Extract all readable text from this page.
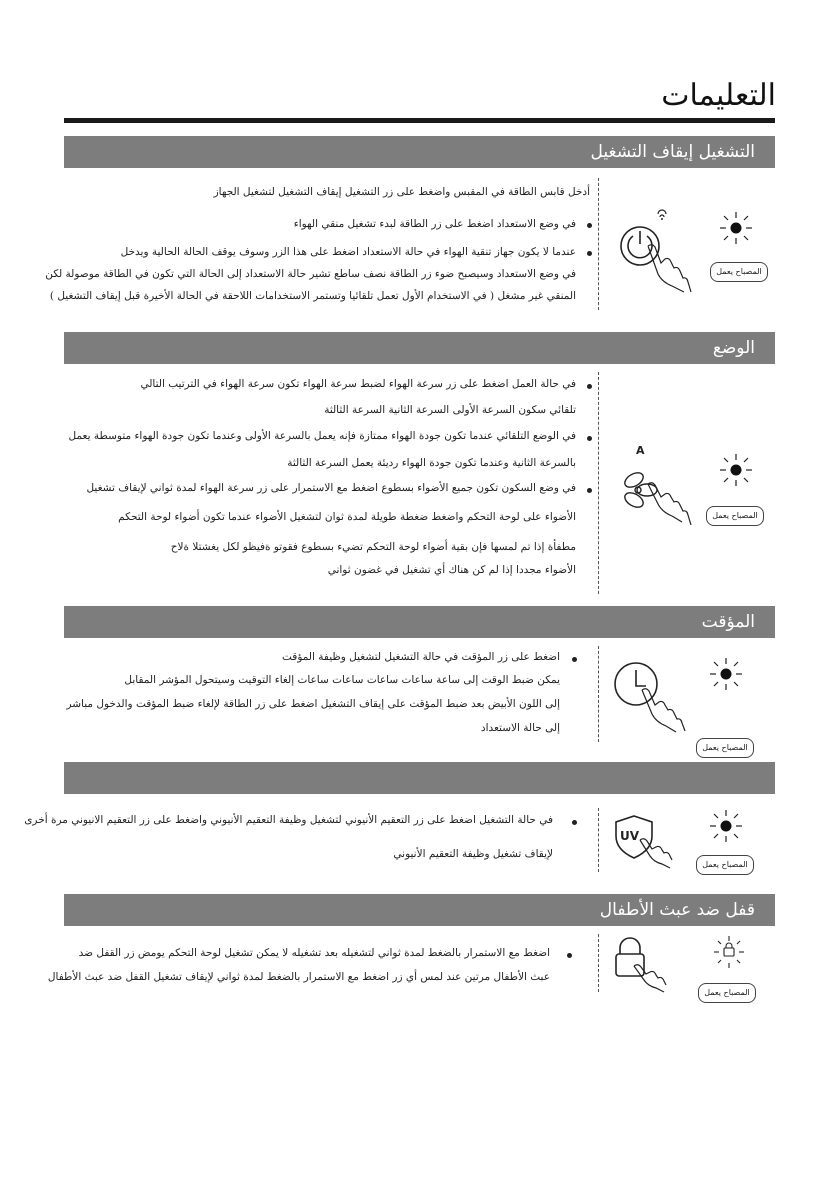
التعليمات
التشغيل إيقاف التشغيل
أدخل قابس الطاقة في المقبس واضغط على زر التشغيل إيقاف التشغيل لتشغيل الجهاز
في وضع الاستعداد اضغط على زر الطاقة لبدء تشغيل منقي الهواء
عندما لا يكون جهاز تنقية الهواء في حالة الاستعداد اضغط على هذا الزر وسوف يوقف الحالة الحالية ويدخل
في وضع الاستعداد وسيصبح ضوء زر الطاقة نصف ساطع تشير حالة الاستعداد إلى الحالة التي تكون في الطاقة موصولة لكن
المنقي غير مشغل ( في الاستخدام الأول تعمل تلقائيا وتستمر الاستخدامات اللاحقة في الحالة الأخيرة قبل إيقاف التشغيل )
المصباح يعمل
الوضع
في حالة العمل اضغط على زر سرعة الهواء لضبط سرعة الهواء تكون سرعة الهواء في الترتيب التالي
تلقائي سكون السرعة الأولى السرعة الثانية السرعة الثالثة
في الوضع التلقائي عندما تكون جودة الهواء ممتازة فإنه يعمل بالسرعة الأولى وعندما تكون جودة الهواء متوسطة يعمل
بالسرعة الثانية وعندما تكون جودة الهواء رديئة يعمل السرعة الثالثة
في وضع السكون تكون جميع الأضواء بسطوع اضغط مع الاستمرار على زر سرعة الهواء لمدة ثواني لإيقاف تشغيل
الأضواء على لوحة التحكم واضغط ضغطة طويلة لمدة ثوان لتشغيل الأضواء عندما تكون أضواء لوحة التحكم
مطفأة إذا تم لمسها فإن بقية أضواء لوحة التحكم تضيء بسطوع فقوتو ةفيظو لكل يغشتلا ةلاح
الأضواء مجددا إذا لم كن هناك أي تشغيل في غضون ثواني
A
المصباح يعمل
المؤقت
اضغط على زر المؤقت في حالة التشغيل لتشغيل وظيفة المؤقت
يمكن ضبط الوقت إلى ساعة ساعات ساعات ساعات ساعات إلغاء التوقيت وسيتحول المؤشر المقابل
إلى اللون الأبيض بعد ضبط المؤقت على إيقاف التشغيل اضغط على زر الطاقة لإلغاء ضبط المؤقت والدخول مباشر
إلى حالة الاستعداد
المصباح يعمل
في حالة التشغيل اضغط على زر التعقيم الأنيوني لتشغيل وظيفة التعقيم الأنيوني واضغط على زر التعقيم الانيوني مرة أخرى
لإيقاف تشغيل وظيفة التعقيم الأنيوني
UV
المصباح يعمل
قفل ضد عبث الأطفال
اضغط مع الاستمرار بالضغط لمدة ثواني لتشغيله بعد تشغيله لا يمكن تشغيل لوحة التحكم يومض زر القفل ضد
عبث الأطفال مرتين عند لمس أي زر اضغط مع الاستمرار بالضغط لمدة ثواني لإيقاف تشغيل القفل ضد عبث الأطفال
المصباح يعمل
